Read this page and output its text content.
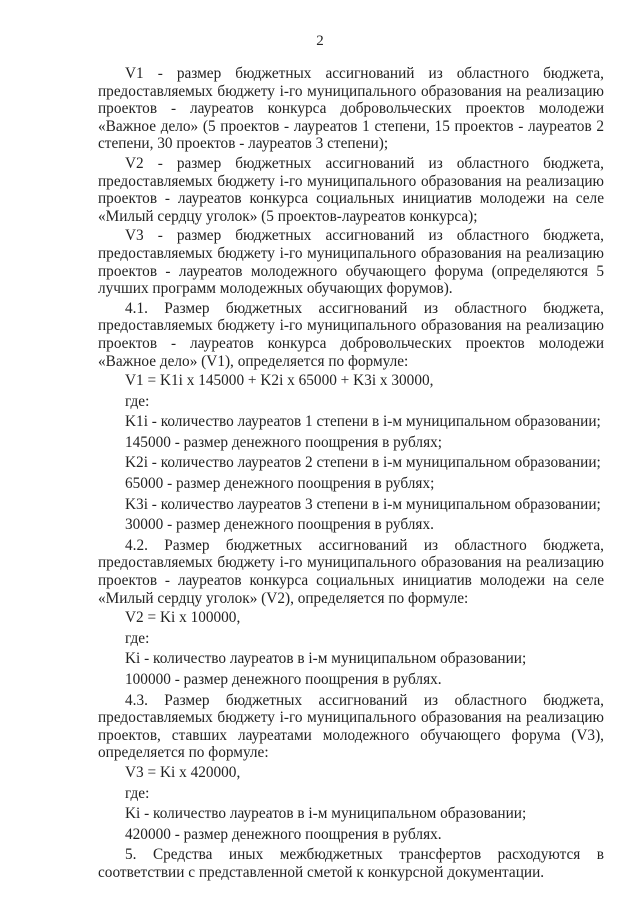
2
V1 - размер бюджетных ассигнований из областного бюджета, предоставляемых бюджету i-го муниципального образования на реализацию проектов - лауреатов конкурса добровольческих проектов молодежи «Важное дело» (5 проектов - лауреатов 1 степени, 15 проектов - лауреатов 2 степени, 30 проектов - лауреатов 3 степени);
V2 - размер бюджетных ассигнований из областного бюджета, предоставляемых бюджету i-го муниципального образования на реализацию проектов - лауреатов конкурса социальных инициатив молодежи на селе «Милый сердцу уголок» (5 проектов-лауреатов конкурса);
V3 - размер бюджетных ассигнований из областного бюджета, предоставляемых бюджету i-го муниципального образования на реализацию проектов - лауреатов молодежного обучающего форума (определяются 5 лучших программ молодежных обучающих форумов).
4.1. Размер бюджетных ассигнований из областного бюджета, предоставляемых бюджету i-го муниципального образования на реализацию проектов - лауреатов конкурса добровольческих проектов молодежи «Важное дело» (V1), определяется по формуле:
V1 = K1i x 145000 + K2i x 65000 + K3i x 30000,
где:
K1i - количество лауреатов 1 степени в i-м муниципальном образовании;
145000 - размер денежного поощрения в рублях;
K2i - количество лауреатов 2 степени в i-м муниципальном образовании;
65000 - размер денежного поощрения в рублях;
K3i - количество лауреатов 3 степени в i-м муниципальном образовании;
30000 - размер денежного поощрения в рублях.
4.2. Размер бюджетных ассигнований из областного бюджета, предоставляемых бюджету i-го муниципального образования на реализацию проектов - лауреатов конкурса социальных инициатив молодежи на селе «Милый сердцу уголок» (V2), определяется по формуле:
V2 = Ki x 100000,
где:
Ki - количество лауреатов в i-м муниципальном образовании;
100000 - размер денежного поощрения в рублях.
4.3. Размер бюджетных ассигнований из областного бюджета, предоставляемых бюджету i-го муниципального образования на реализацию проектов, ставших лауреатами молодежного обучающего форума (V3), определяется по формуле:
V3 = Ki x 420000,
где:
Ki - количество лауреатов в i-м муниципальном образовании;
420000 - размер денежного поощрения в рублях.
5. Средства иных межбюджетных трансфертов расходуются в соответствии с представленной сметой к конкурсной документации.
